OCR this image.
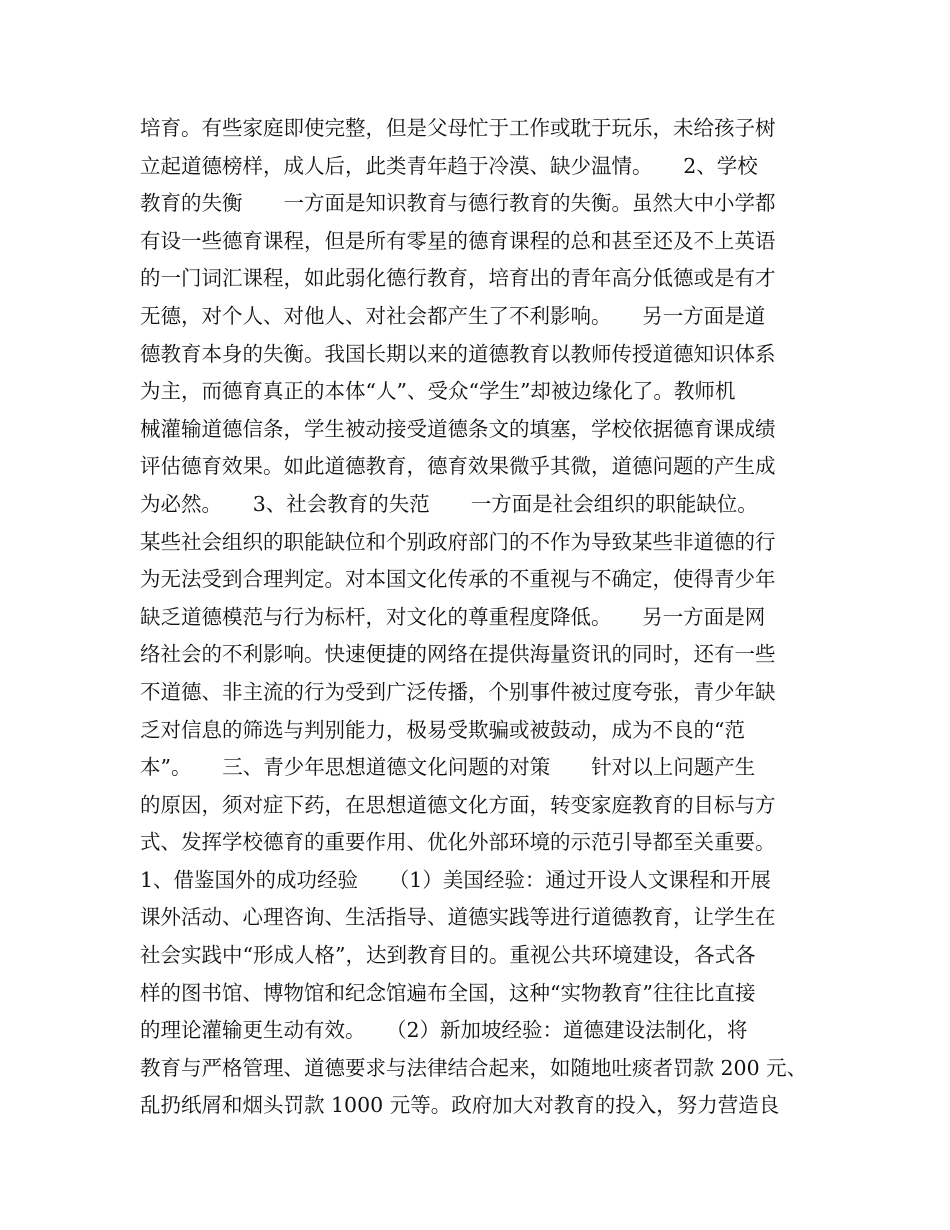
培育。有些家庭即使完整，但是父母忙于工作或耽于玩乐，未给孩子树
立起道德榜样，成人后，此类青年趋于冷漠、缺少温情。　　2、学校
教育的失衡　　一方面是知识教育与德行教育的失衡。虽然大中小学都
有设一些德育课程，但是所有零星的德育课程的总和甚至还及不上英语
的一门词汇课程，如此弱化德行教育，培育出的青年高分低德或是有才
无德，对个人、对他人、对社会都产生了不利影响。　　另一方面是道
德教育本身的失衡。我国长期以来的道德教育以教师传授道德知识体系
为主，而德育真正的本体“人”、受众“学生”却被边缘化了。教师机
械灌输道德信条，学生被动接受道德条文的填塞，学校依据德育课成绩
评估德育效果。如此道德教育，德育效果微乎其微，道德问题的产生成
为必然。　　3、社会教育的失范　　一方面是社会组织的职能缺位。
某些社会组织的职能缺位和个别政府部门的不作为导致某些非道德的行
为无法受到合理判定。对本国文化传承的不重视与不确定，使得青少年
缺乏道德模范与行为标杆，对文化的尊重程度降低。　　另一方面是网
络社会的不利影响。快速便捷的网络在提供海量资讯的同时，还有一些
不道德、非主流的行为受到广泛传播，个别事件被过度夸张，青少年缺
乏对信息的筛选与判别能力，极易受欺骗或被鼓动，成为不良的“范
本”。　　三、青少年思想道德文化问题的对策　　针对以上问题产生
的原因，须对症下药，在思想道德文化方面，转变家庭教育的目标与方
式、发挥学校德育的重要作用、优化外部环境的示范引导都至关重要。
1、借鉴国外的成功经验　　（1）美国经验：通过开设人文课程和开展
课外活动、心理咨询、生活指导、道德实践等进行道德教育，让学生在
社会实践中“形成人格”，达到教育目的。重视公共环境建设，各式各
样的图书馆、博物馆和纪念馆遍布全国，这种“实物教育”往往比直接
的理论灌输更生动有效。　　（2）新加坡经验：道德建设法制化，将
教育与严格管理、道德要求与法律结合起来，如随地吐痰者罚款 200 元、
乱扔纸屑和烟头罚款 1000 元等。政府加大对教育的投入，努力营造良
